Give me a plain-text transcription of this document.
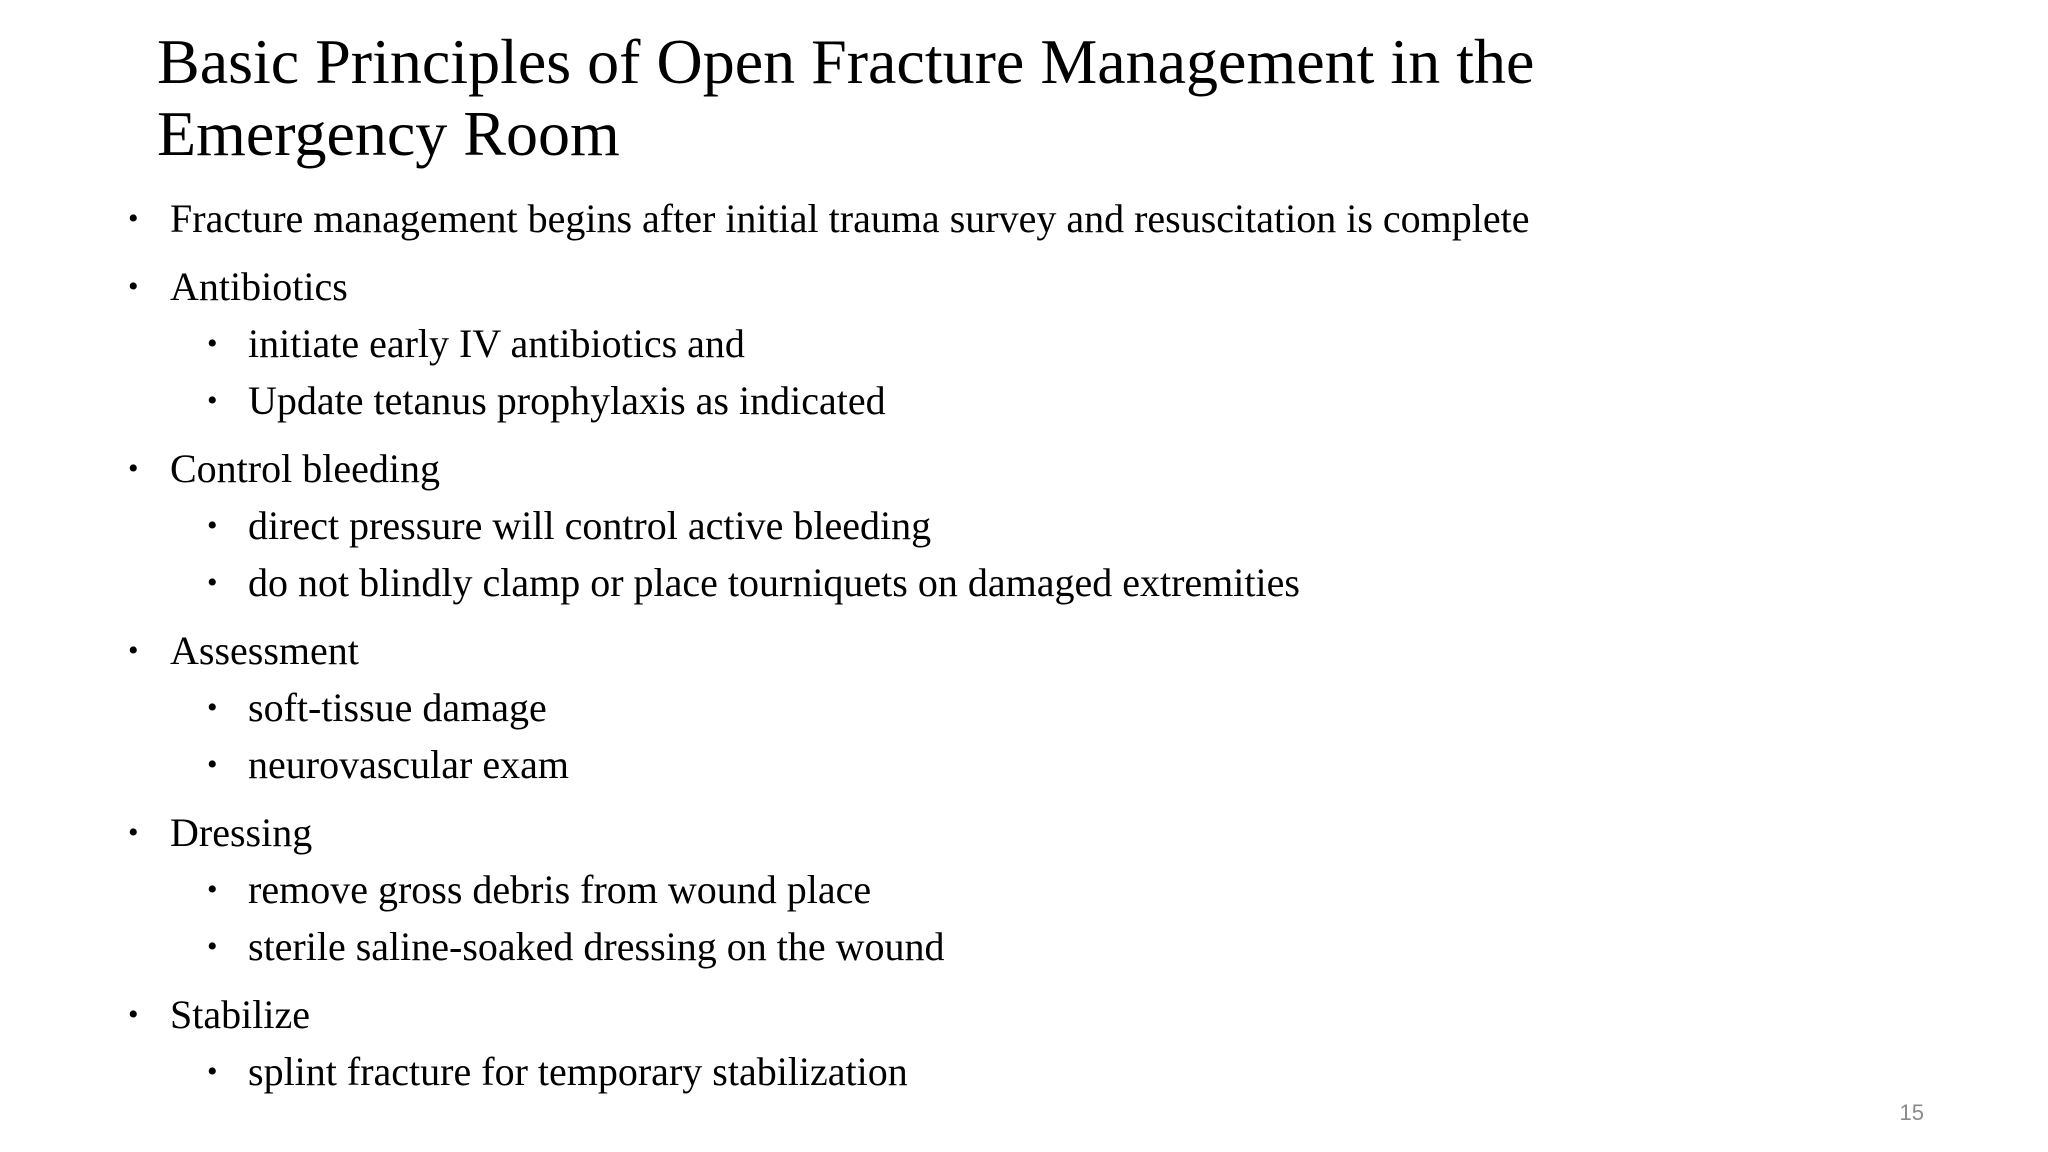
Basic Principles of Open Fracture Management in the
Emergency Room
• Fracture management begins after initial trauma survey and resuscitation is complete
• Antibiotics
• initiate early IV antibiotics and
• Update tetanus prophylaxis as indicated
• Control bleeding
• direct pressure will control active bleeding
• do not blindly clamp or place tourniquets on damaged extremities
• Assessment
• soft-tissue damage
• neurovascular exam
• Dressing
• remove gross debris from wound place
• sterile saline-soaked dressing on the wound
• Stabilize
• splint fracture for temporary stabilization
15
